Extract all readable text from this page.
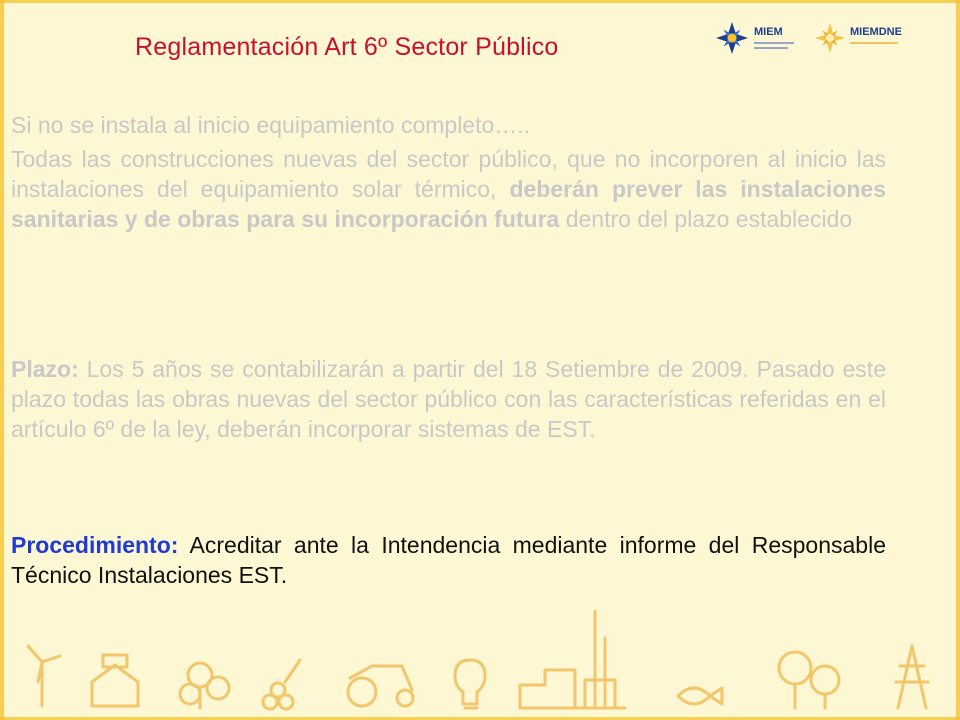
Reglamentación Art 6º Sector Público
MIEM	MIEMDNE
Si no se instala al inicio equipamiento completo…..
Todas las construcciones nuevas del sector público, que no incorporen al inicio las instalaciones del equipamiento solar térmico, deberán prever las instalaciones sanitarias y de obras para su incorporación futura dentro del plazo establecido
Plazo: Los 5 años se contabilizarán a partir del 18 Setiembre de 2009. Pasado este plazo todas las obras nuevas del sector público con las características referidas en el artículo 6º de la ley, deberán incorporar sistemas de EST.
Procedimiento: Acreditar ante la Intendencia mediante informe del Responsable Técnico Instalaciones EST.
